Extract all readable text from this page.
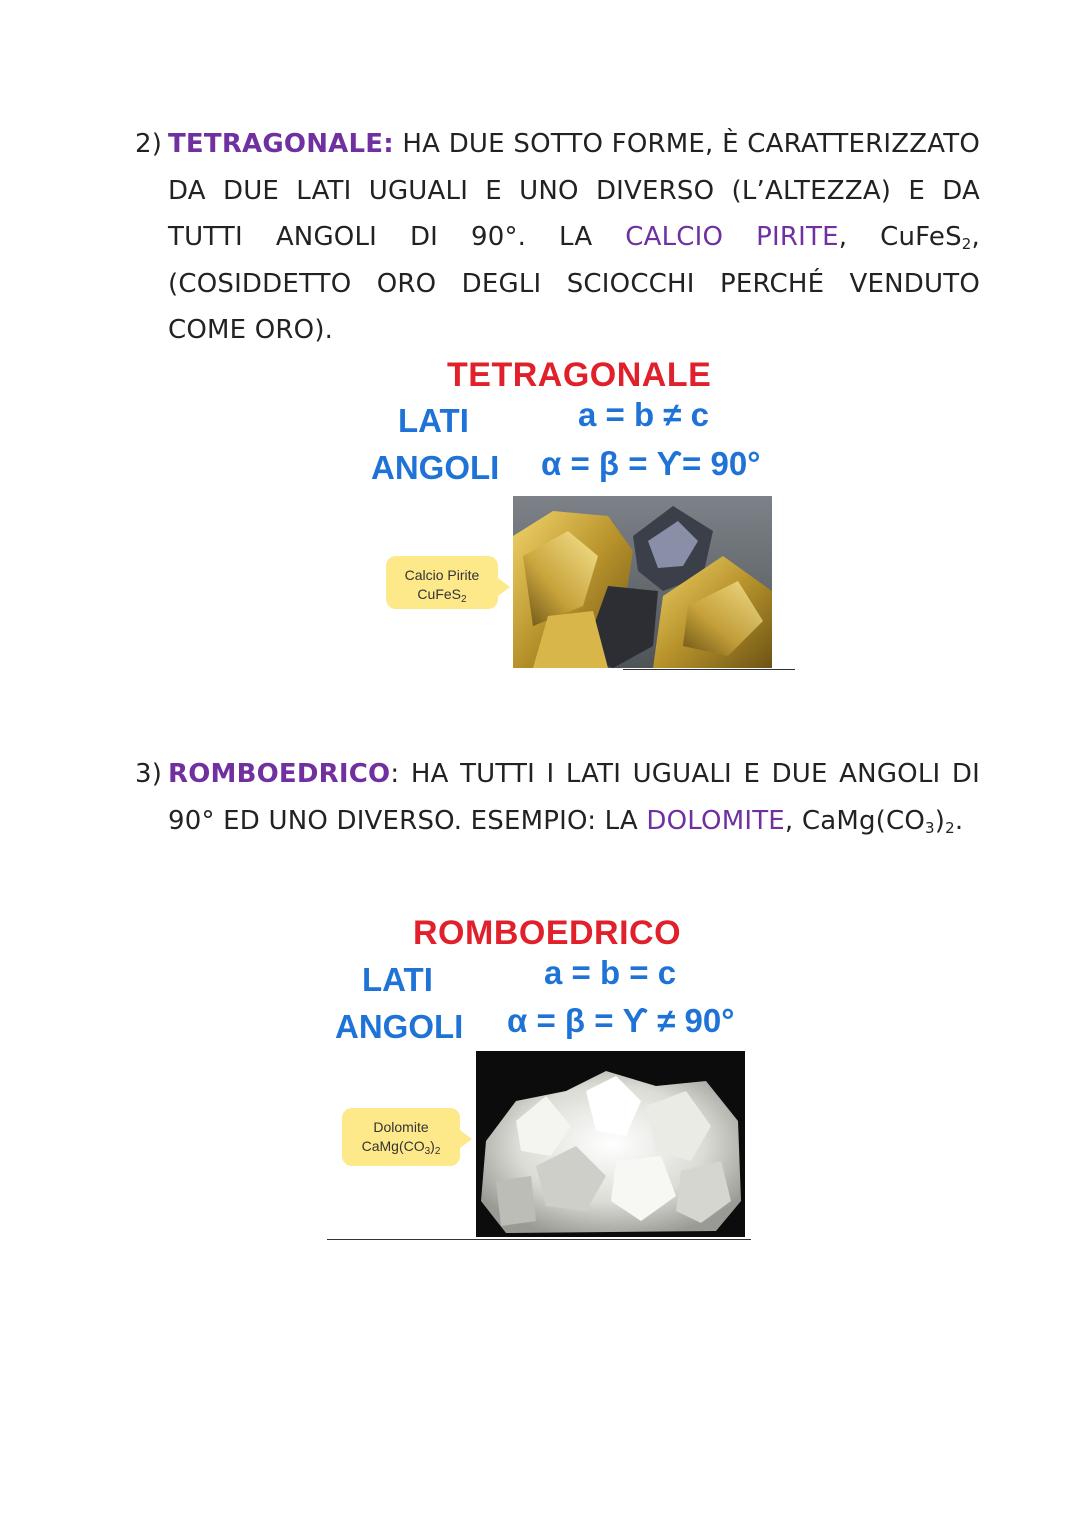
2) TETRAGONALE: HA DUE SOTTO FORME, È CARATTERIZZATO DA DUE LATI UGUALI E UNO DIVERSO (L’ALTEZZA) E DA TUTTI ANGOLI DI 90°. LA CALCIO PIRITE, CuFeS$_2$, (COSIDDETTO ORO DEGLI SCIOCCHI PERCHÉ VENDUTO COME ORO).
TETRAGONALE
LATI	a = b ≠ c
ANGOLI α = β = ϒ= 90°
Calcio Pirite
CuFeS$_2$
3) ROMBOEDRICO: HA TUTTI I LATI UGUALI E DUE ANGOLI DI 90° ED UNO DIVERSO. ESEMPIO: LA DOLOMITE, $CaMg(CO_3)_2$.
ROMBOEDRICO
LATI	a = b = c
ANGOLI α = β = ϒ ≠ 90°
Dolomite
$CaMg(CO_3)_2$
